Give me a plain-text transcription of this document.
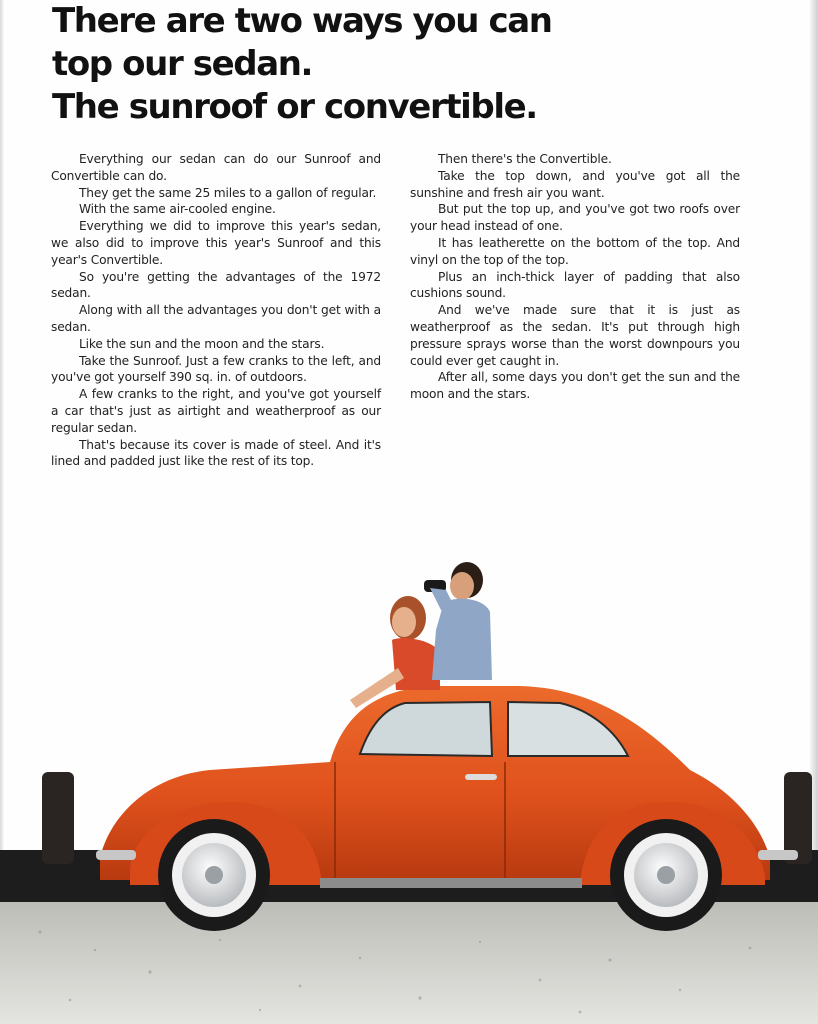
There are two ways you can
top our sedan.
The sunroof or convertible.

Everything our sedan can do our Sunroof and Convertible can do.

They get the same 25 miles to a gallon of regular.

With the same air-cooled engine.

Everything we did to improve this year's sedan, we also did to improve this year's Sunroof and this year's Convertible.

So you're getting the advantages of the 1972 sedan.

Along with all the advantages you don't get with a sedan.

Like the sun and the moon and the stars.

Take the Sunroof. Just a few cranks to the left, and you've got yourself 390 sq. in. of outdoors.

A few cranks to the right, and you've got yourself a car that's just as airtight and weatherproof as our regular sedan.

That's because its cover is made of steel. And it's lined and padded just like the rest of its top.

Then there's the Convertible.

Take the top down, and you've got all the sunshine and fresh air you want.

But put the top up, and you've got two roofs over your head instead of one.

It has leatherette on the bottom of the top. And vinyl on the top of the top.

Plus an inch-thick layer of padding that also cushions sound.

And we've made sure that it is just as weatherproof as the sedan. It's put through high pressure sprays worse than the worst downpours you could ever get caught in.

After all, some days you don't get the sun and the moon and the stars.
